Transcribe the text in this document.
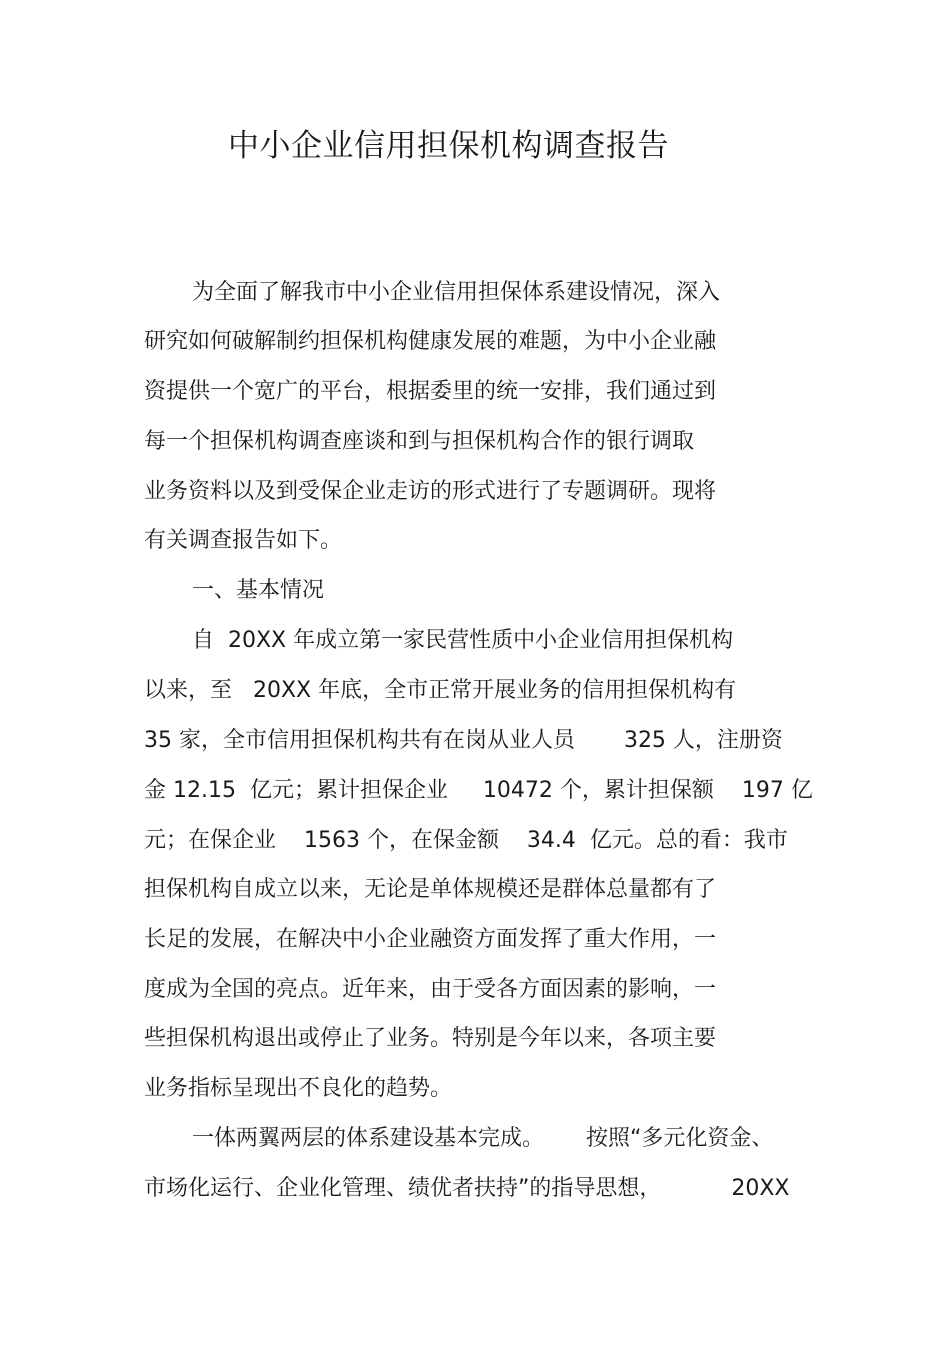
中小企业信用担保机构调查报告
为全面了解我市中小企业信用担保体系建设情况，深入
研究如何破解制约担保机构健康发展的难题，为中小企业融
资提供一个宽广的平台，根据委里的统一安排，我们通过到
每一个担保机构调查座谈和到与担保机构合作的银行调取
业务资料以及到受保企业走访的形式进行了专题调研。现将
有关调查报告如下。
一、基本情况
自  20XX 年成立第一家民营性质中小企业信用担保机构
以来，至   20XX 年底，全市正常开展业务的信用担保机构有
35 家，全市信用担保机构共有在岗从业人员       325 人，注册资
金 12.15  亿元；累计担保企业     10472 个，累计担保额    197 亿
元；在保企业    1563 个，在保金额    34.4  亿元。总的看：我市
担保机构自成立以来，无论是单体规模还是群体总量都有了
长足的发展，在解决中小企业融资方面发挥了重大作用，一
度成为全国的亮点。近年来，由于受各方面因素的影响，一
些担保机构退出或停止了业务。特别是今年以来，各项主要
业务指标呈现出不良化的趋势。
一体两翼两层的体系建设基本完成。      按照“多元化资金、
市场化运行、企业化管理、绩优者扶持”的指导思想，          20XX
